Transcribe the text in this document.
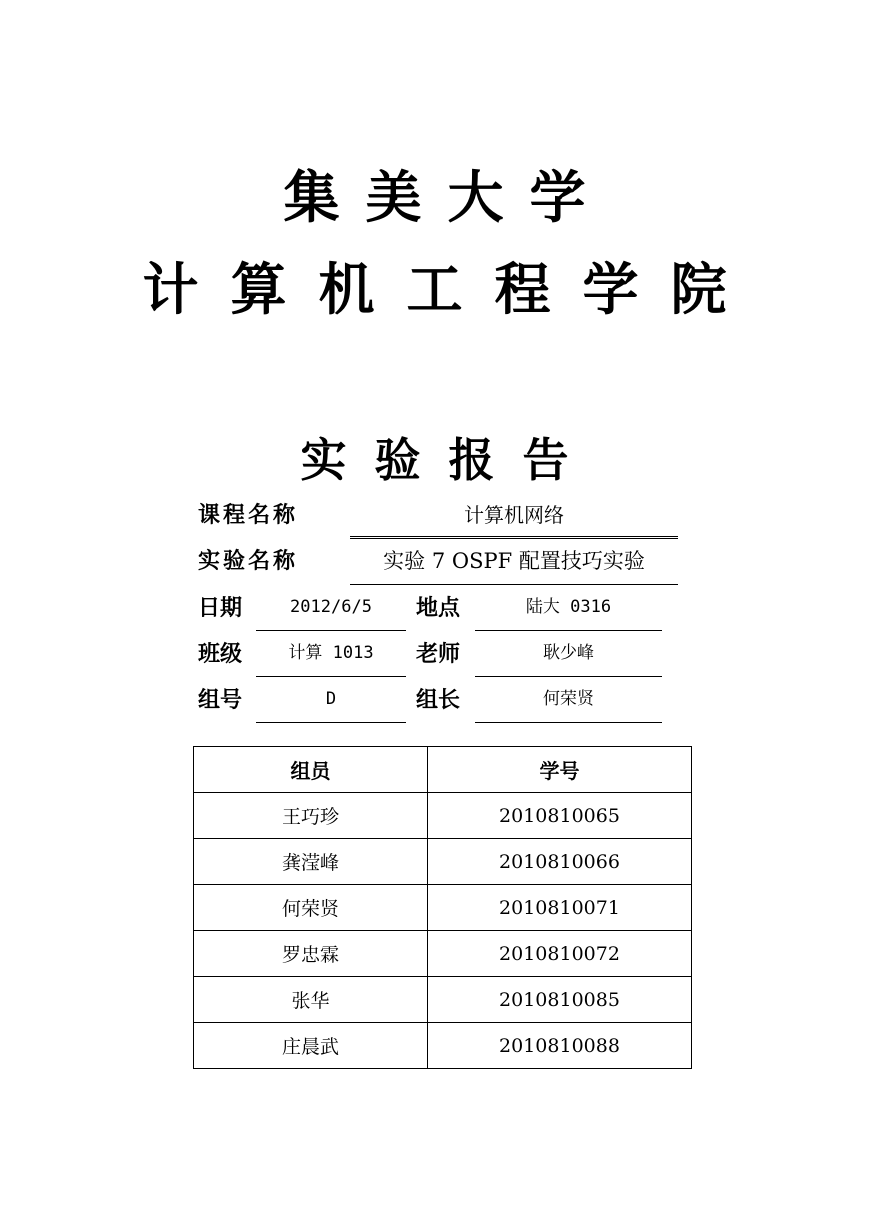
集美大学
计算机工程学院
实验报告
课程名称	计算机网络
实验名称	实验 7 OSPF 配置技巧实验
日期	2012/6/5	地点	陆大 0316
班级	计算 1013	老师	耿少峰
组号	D	组长	何荣贤
组员	学号
王巧珍	2010810065
龚滢峰	2010810066
何荣贤	2010810071
罗忠霖	2010810072
张华	2010810085
庄晨武	2010810088
